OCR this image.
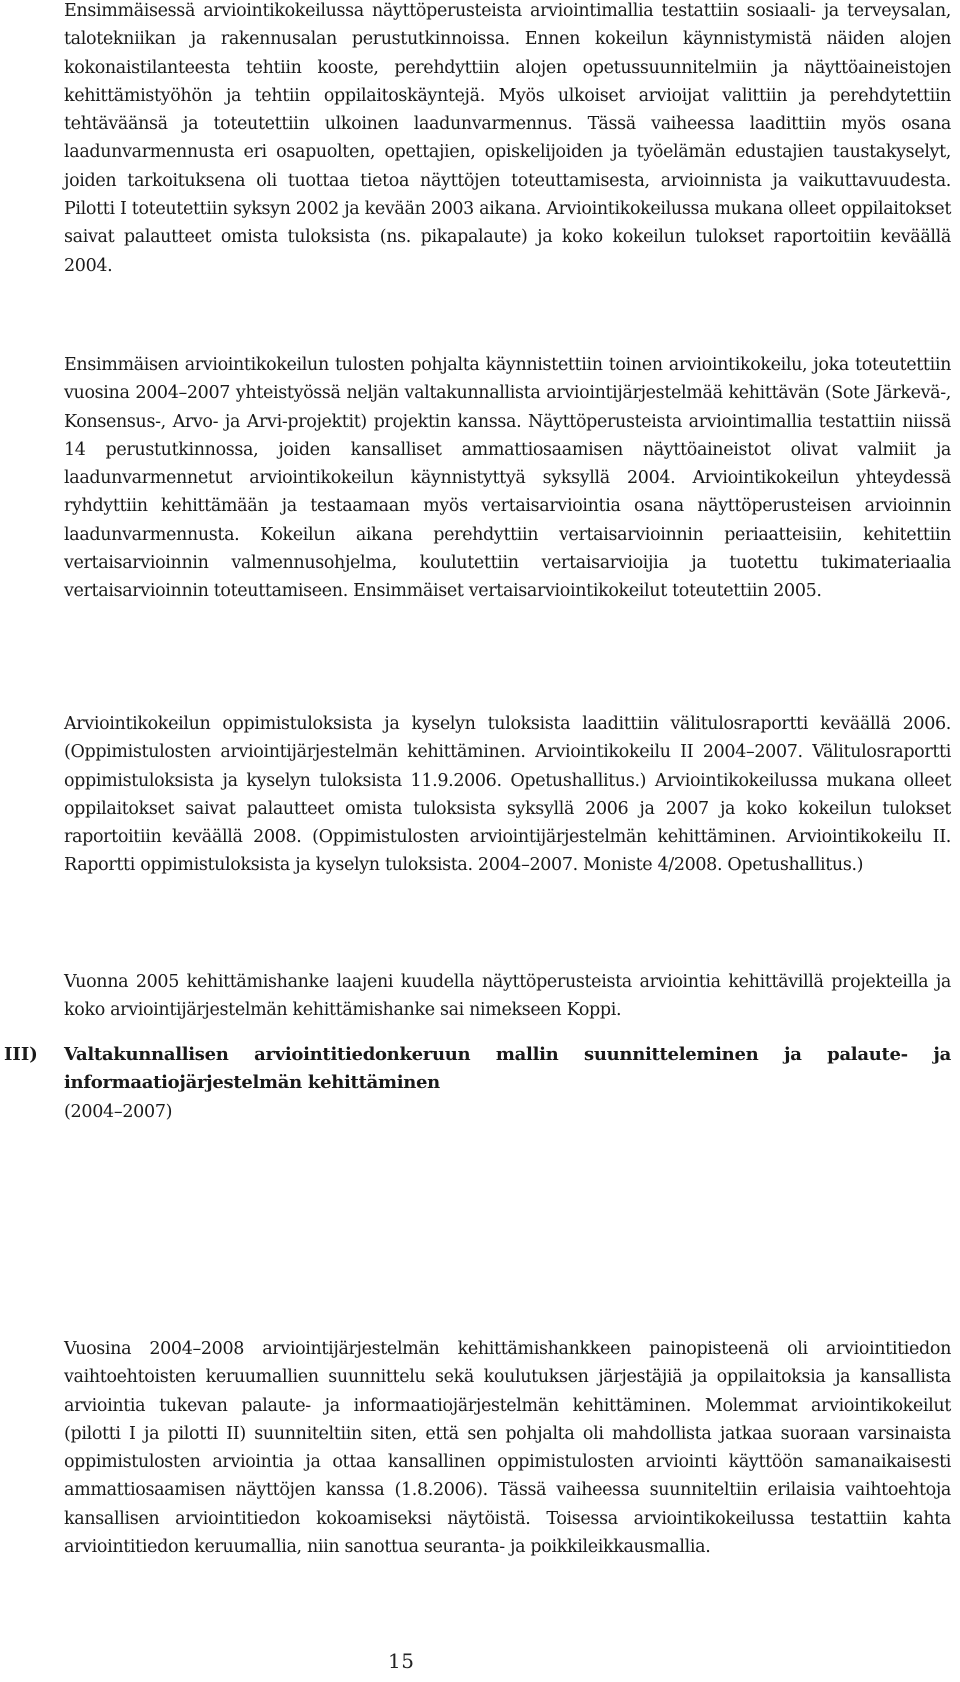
Ensimmäisessä arviointikokeilussa näyttöperusteista arviointimallia testattiin sosiaali- ja terveysalan, talotekniikan ja rakennusalan perustutkinnoissa. Ennen kokeilun käynnistymistä näiden alojen kokonaistilanteesta tehtiin kooste, perehdyttiin alojen opetussuunnitelmiin ja näyttöaineistojen kehittämistyöhön ja tehtiin oppilaitoskäyntejä. Myös ulkoiset arvioijat valittiin ja perehdytettiin tehtäväänsä ja toteutettiin ulkoinen laadunvarmennus. Tässä vaiheessa laadittiin myös osana laadunvarmennusta eri osapuolten, opettajien, opiskelijoiden ja työelämän edustajien taustakyselyt, joiden tarkoituksena oli tuottaa tietoa näyttöjen toteuttamisesta, arvioinnista ja vaikuttavuudesta. Pilotti I toteutettiin syksyn 2002 ja kevään 2003 aikana. Arviointikokeilussa mukana olleet oppilaitokset saivat palautteet omista tuloksista (ns. pikapalaute) ja koko kokeilun tulokset raportoitiin keväällä 2004.

Ensimmäisen arviointikokeilun tulosten pohjalta käynnistettiin toinen arviointikokeilu, joka toteutettiin vuosina 2004–2007 yhteistyössä neljän valtakunnallista arviointijärjestelmää kehittävän (Sote Järkevä-, Konsensus-, Arvo- ja Arvi-projektit) projektin kanssa. Näyttöperusteista arviointimallia testattiin niissä 14 perustutkinnossa, joiden kansalliset ammattiosaamisen näyttöaineistot olivat valmiit ja laadunvarmennetut arviointikokeilun käynnistyttyä syksyllä 2004. Arviointikokeilun yhteydessä ryhdyttiin kehittämään ja testaamaan myös vertaisarviointia osana näyttöperusteisen arvioinnin laadunvarmennusta. Kokeilun aikana perehdyttiin vertaisarvioinnin periaatteisiin, kehitettiin vertaisarvioinnin valmennusohjelma, koulutettiin vertaisarvioijia ja tuotettu tukimateriaalia vertaisarvioinnin toteuttamiseen. Ensimmäiset vertaisarviointikokeilut toteutettiin 2005.

Arviointikokeilun oppimistuloksista ja kyselyn tuloksista laadittiin välitulosraportti keväällä 2006. (Oppimistulosten arviointijärjestelmän kehittäminen. Arviointikokeilu II 2004–2007. Välitulosraportti oppimistuloksista ja kyselyn tuloksista 11.9.2006. Opetushallitus.) Arviointikokeilussa mukana olleet oppilaitokset saivat palautteet omista tuloksista syksyllä 2006 ja 2007 ja koko kokeilun tulokset raportoitiin keväällä 2008. (Oppimistulosten arviointijärjestelmän kehittäminen. Arviointikokeilu II. Raportti oppimistuloksista ja kyselyn tuloksista. 2004–2007. Moniste 4/2008. Opetushallitus.)

Vuonna 2005 kehittämishanke laajeni kuudella näyttöperusteista arviointia kehittävillä projekteilla ja koko arviointijärjestelmän kehittämishanke sai nimekseen Koppi.

III) Valtakunnallisen arviointitiedonkeruun mallin suunnitteleminen ja palaute- ja informaatiojärjestelmän kehittäminen

(2004–2007)

Vuosina 2004–2008 arviointijärjestelmän kehittämishankkeen painopisteenä oli arviointitiedon vaihtoehtoisten keruumallien suunnittelu sekä koulutuksen järjestäjiä ja oppilaitoksia ja kansallista arviointia tukevan palaute- ja informaatiojärjestelmän kehittäminen. Molemmat arviointikokeilut (pilotti I ja pilotti II) suunniteltiin siten, että sen pohjalta oli mahdollista jatkaa suoraan varsinaista oppimistulosten arviointia ja ottaa kansallinen oppimistulosten arviointi käyttöön samanaikaisesti ammattiosaamisen näyttöjen kanssa (1.8.2006). Tässä vaiheessa suunniteltiin erilaisia vaihtoehtoja kansallisen arviointitiedon kokoamiseksi näytöistä. Toisessa arviointikokeilussa testattiin kahta arviointitiedon keruumallia, niin sanottua seuranta- ja poikkileikkausmallia.

15
